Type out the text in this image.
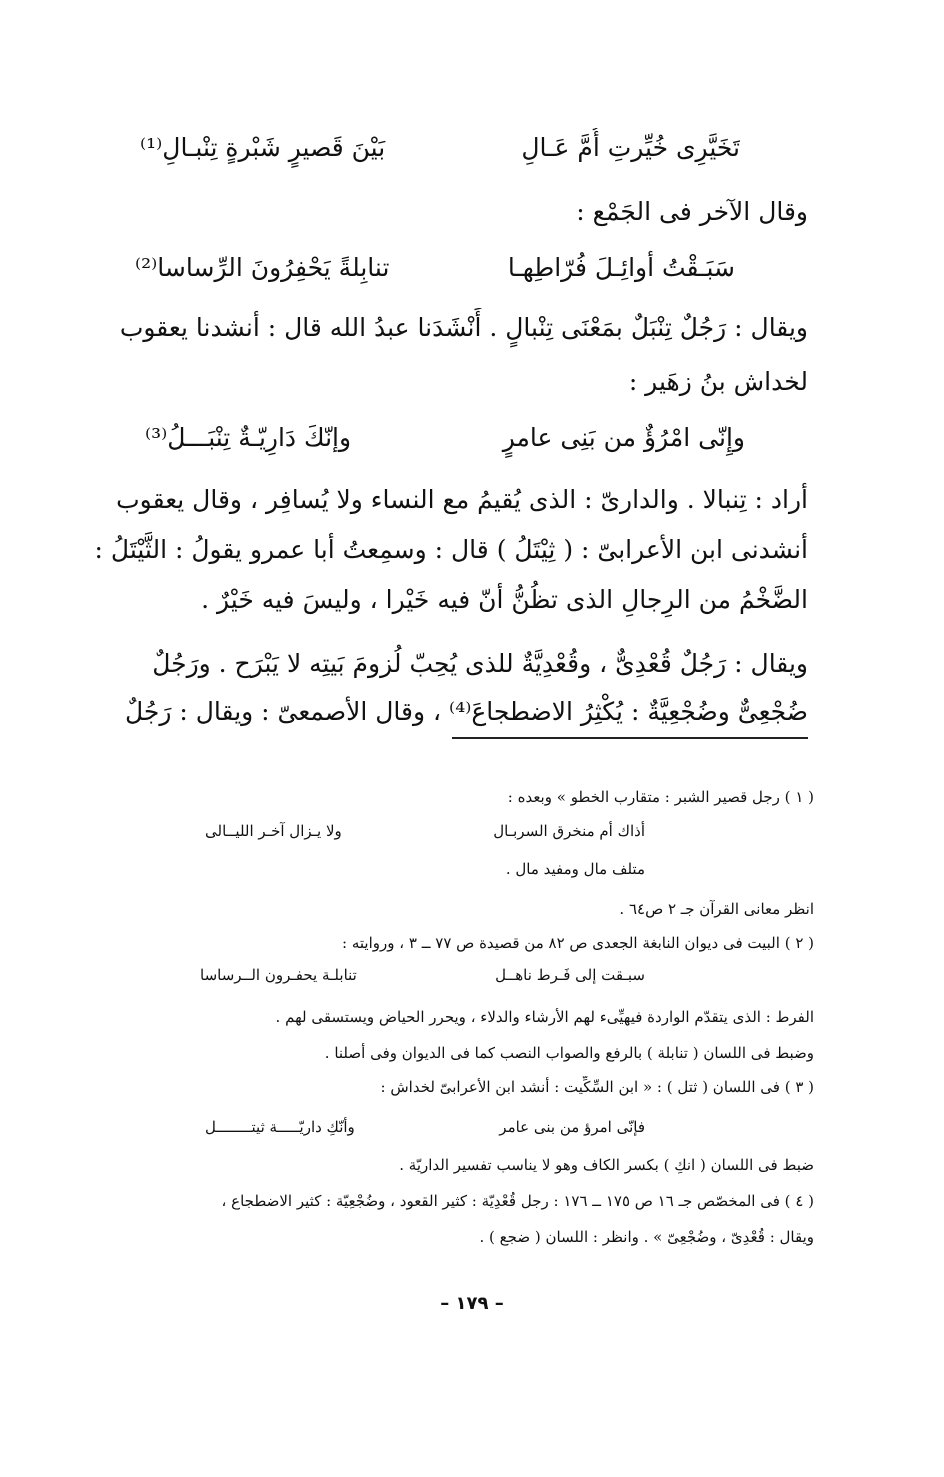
تَخَيَّرِى خُيِّرتِ أُمَّ عَـالِ
بَيْنَ قَصيرٍ شَبْرةٍ تِنْبـالِ⁽¹⁾
وقال الآخر فى الجَمْع :
سَبَـقْتُ أوائِـلَ فُرّاطِهـا
تنابِلةً يَحْفِرُونَ الرِّساسا⁽²⁾
ويقال : رَجُلٌ تِنْبَلٌ بمَعْنَى تِنْبالٍ . أَنْشَدَنا عبدُ الله قال : أنشدنا يعقوب
لخداش بنُ زهَير :
وإِنّى امْرُؤٌ من بَنِى عامرٍ
وإنّكَ دَارِيّـةٌ تِنْبَـــلُ⁽³⁾
أراد : تِنبالا . والدارىّ : الذى يُقيمُ مع النساء ولا يُسافِر ، وقال يعقوب
أنشدنى ابن الأعرابىّ : ( ثِيْتَلُ ) قال : وسمِعتُ أبا عمرو يقولُ : الثَّيْتَلُ :
الضَّخْمُ من الرِجالِ الذى تظُنُّ أنّ فيه خَيْرا ، وليسَ فيه خَيْرٌ .
ويقال : رَجُلٌ قُعْدِىٌّ ، وقُعْدِيَّةٌ للذى يُحِبّ لُزومَ بَيتِه لا يَبْرَح . ورَجُلٌ
ضُجْعِىٌّ وضُجْعِيَّةٌ : يُكْثِرُ الاضطجاعَ⁽⁴⁾ ، وقال الأصمعىّ : ويقال : رَجُلٌ
( ١ ) رجل قصير الشبر : متقارب الخطو » وبعده :
أذاك أم منخرق السربـال
ولا يـزال آخـر الليــالى
متلف مال ومفيد مال .
انظر معانى القرآن جـ ٢ ص٦٤ .
( ٢ ) البيت فى ديوان النابغة الجعدى ص ٨٢ من قصيدة ص ٧٧ ــ ٣ ، وروايته :
سبـقت إلى فَـرط ناهــل
تنابلـة يحفـرون الــرساسا
الفرط : الذى يتقدّم الواردة فيهيِّىء لهم الأرشاء والدلاء ، ويحرر الحياض ويستسقى لهم .
وضبط فى اللسان ( تنابلة ) بالرفع والصواب النصب كما فى الديوان وفى أصلنا .
( ٣ ) فى اللسان ( ثتل ) : « ابن السِّكِّيت : أنشد ابن الأعرابىّ لخداش :
فإنّى امرؤ من بنى عامر
وأنّكِ داريّـــــة ثيتــــــــل
ضبط فى اللسان ( انكِ ) بكسر الكاف وهو لا يناسب تفسير الداريّة .
( ٤ ) فى المخصّص جـ ١٦ ص ١٧٥ ــ ١٧٦ : رجل قُعْدِيّة : كثير القعود ، وضُجْعِيّة : كثير الاضطجاع ،
ويقال : قُعْدِىّ ، وضُجْعِىّ » . وانظر : اللسان ( ضجع ) .
– ١٧٩ –
